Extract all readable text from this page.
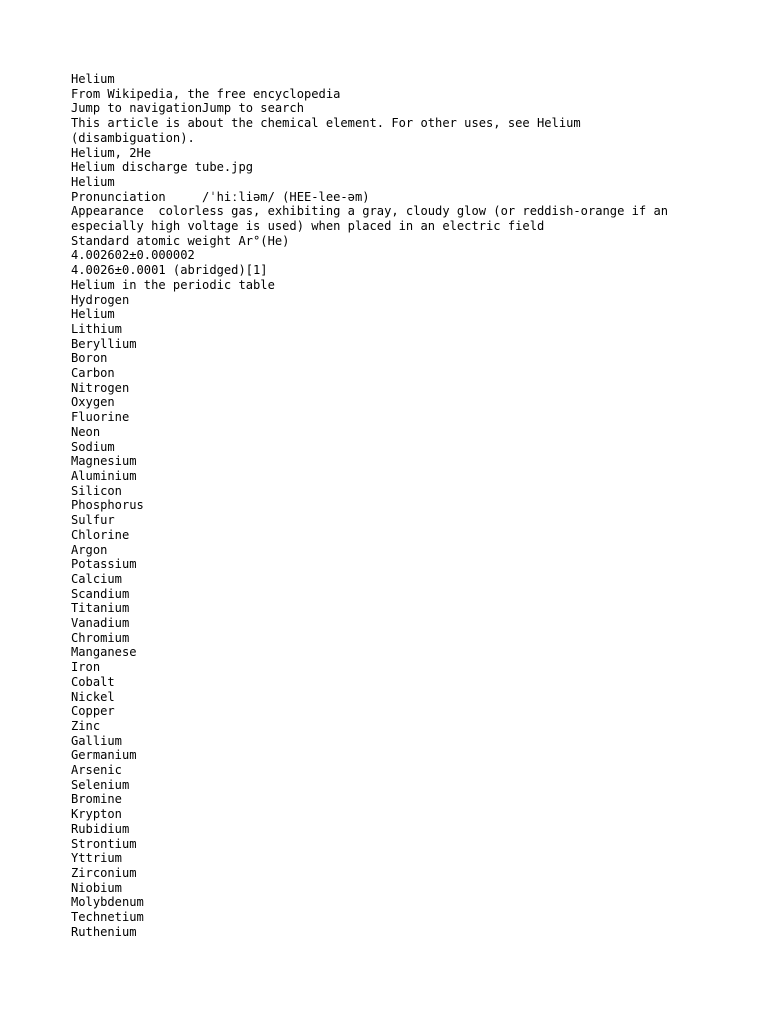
Helium
From Wikipedia, the free encyclopedia
Jump to navigationJump to search
This article is about the chemical element. For other uses, see Helium (disambiguation).
Helium, 2He
Helium discharge tube.jpg
Helium
Pronunciation     /ˈhiːliəm/ (HEE-lee-əm)
Appearance  colorless gas, exhibiting a gray, cloudy glow (or reddish-orange if an especially high voltage is used) when placed in an electric field
Standard atomic weight Ar°(He)
4.002602±0.000002
4.0026±0.0001 (abridged)[1]
Helium in the periodic table
Hydrogen
Helium
Lithium
Beryllium
Boron
Carbon
Nitrogen
Oxygen
Fluorine
Neon
Sodium
Magnesium
Aluminium
Silicon
Phosphorus
Sulfur
Chlorine
Argon
Potassium
Calcium
Scandium
Titanium
Vanadium
Chromium
Manganese
Iron
Cobalt
Nickel
Copper
Zinc
Gallium
Germanium
Arsenic
Selenium
Bromine
Krypton
Rubidium
Strontium
Yttrium
Zirconium
Niobium
Molybdenum
Technetium
Ruthenium
